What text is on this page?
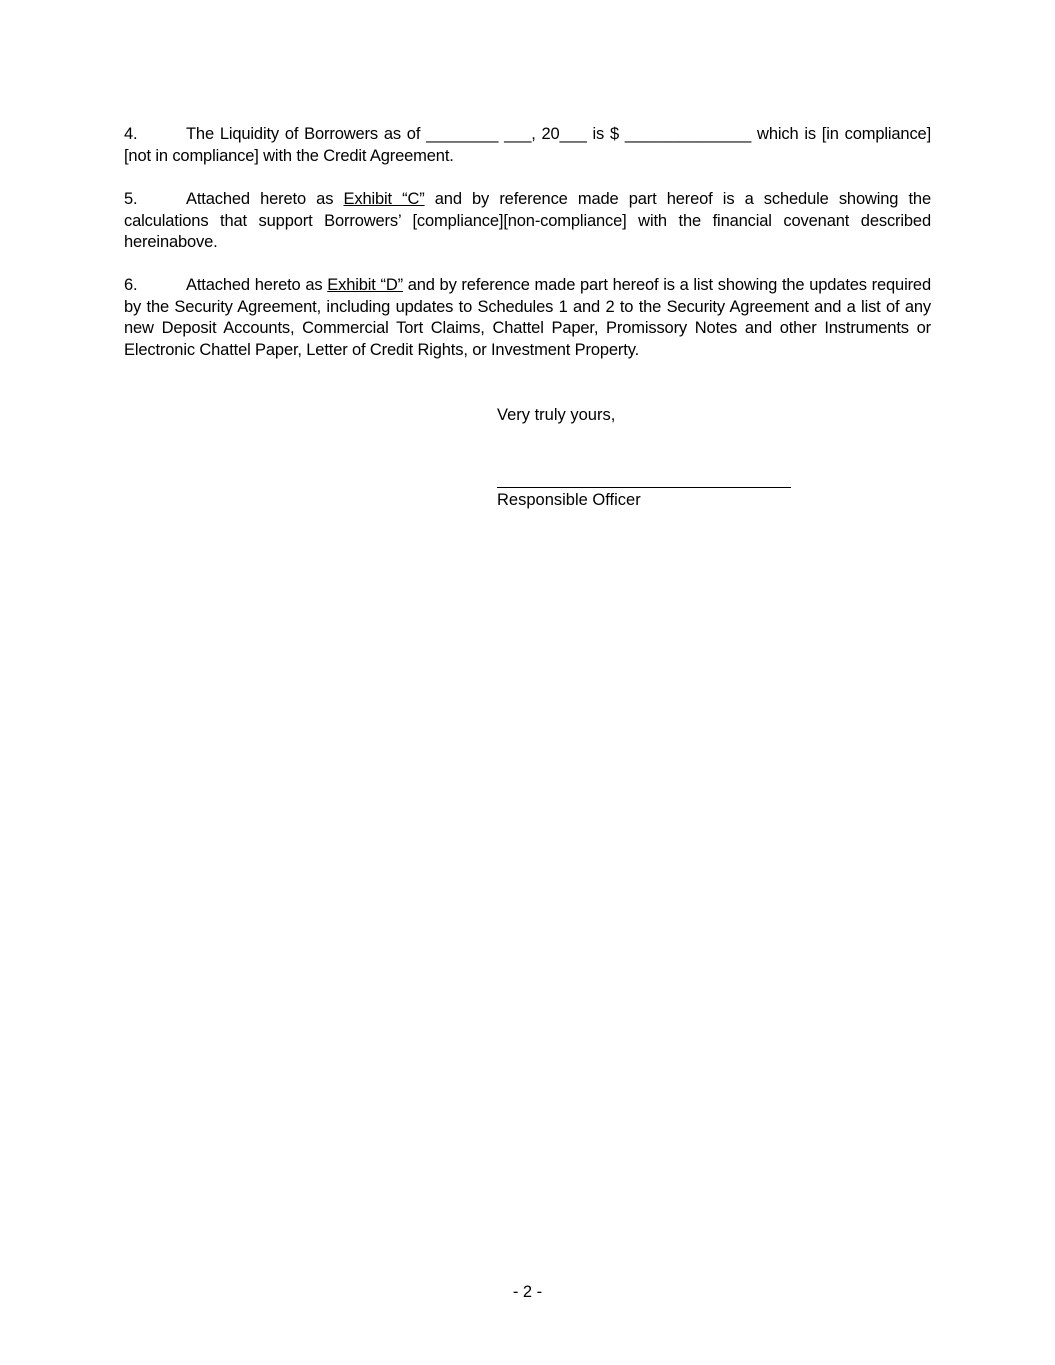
4.	The Liquidity of Borrowers as of ________ ___, 20___ is $ ______________ which is [in compliance] [not in compliance] with the Credit Agreement.

5.	Attached hereto as Exhibit “C” and by reference made part hereof is a schedule showing the calculations that support Borrowers’ [compliance][non-compliance] with the financial covenant described hereinabove.

6.	Attached hereto as Exhibit “D” and by reference made part hereof is a list showing the updates required by the Security Agreement, including updates to Schedules 1 and 2 to the Security Agreement and a list of any new Deposit Accounts, Commercial Tort Claims, Chattel Paper, Promissory Notes and other Instruments or Electronic Chattel Paper, Letter of Credit Rights, or Investment Property.

Very truly yours,
Responsible Officer
- 2 -
